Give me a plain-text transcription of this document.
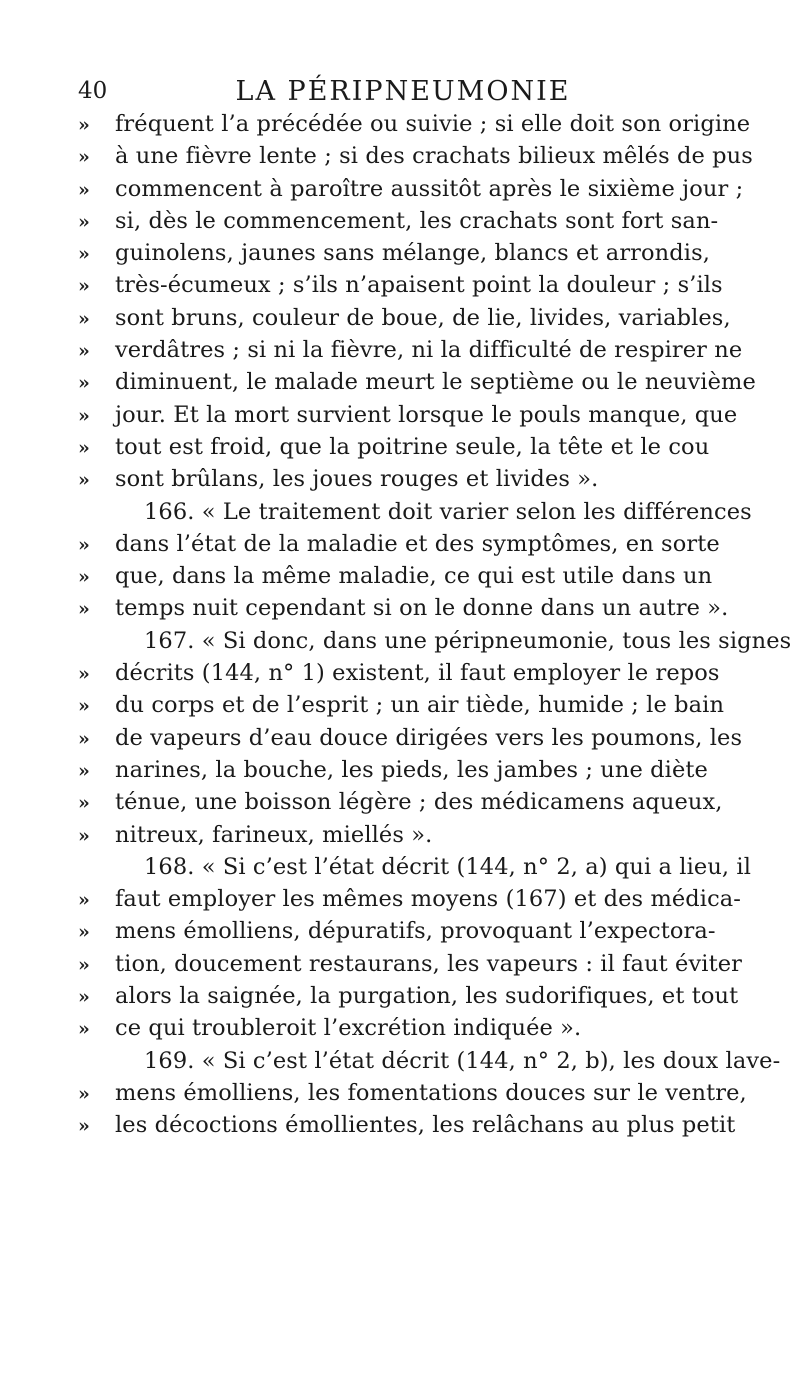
40	LA PÉRIPNEUMONIE
»	fréquent l’a précédée ou suivie ; si elle doit son origine
»	à une fièvre lente ; si des crachats bilieux mêlés de pus
»	commencent à paroître aussitôt après le sixième jour ;
»	si, dès le commencement, les crachats sont fort san-
»	guinolens, jaunes sans mélange, blancs et arrondis,
»	très-écumeux ; s’ils n’apaisent point la douleur ; s’ils
»	sont bruns, couleur de boue, de lie, livides, variables,
»	verdâtres ; si ni la fièvre, ni la difficulté de respirer ne
»	diminuent, le malade meurt le septième ou le neuvième
»	jour. Et la mort survient lorsque le pouls manque, que
»	tout est froid, que la poitrine seule, la tête et le cou
»	sont brûlans, les joues rouges et livides ».
166. « Le traitement doit varier selon les différences
»	dans l’état de la maladie et des symptômes, en sorte
»	que, dans la même maladie, ce qui est utile dans un
»	temps nuit cependant si on le donne dans un autre ».
167. « Si donc, dans une péripneumonie, tous les signes
»	décrits (144, n° 1) existent, il faut employer le repos
»	du corps et de l’esprit ; un air tiède, humide ; le bain
»	de vapeurs d’eau douce dirigées vers les poumons, les
»	narines, la bouche, les pieds, les jambes ; une diète
»	ténue, une boisson légère ; des médicamens aqueux,
»	nitreux, farineux, miellés ».
168. « Si c’est l’état décrit (144, n° 2, a) qui a lieu, il
»	faut employer les mêmes moyens (167) et des médica-
»	mens émolliens, dépuratifs, provoquant l’expectora-
»	tion, doucement restaurans, les vapeurs : il faut éviter
»	alors la saignée, la purgation, les sudorifiques, et tout
»	ce qui troubleroit l’excrétion indiquée ».
169. « Si c’est l’état décrit (144, n° 2, b), les doux lave-
»	mens émolliens, les fomentations douces sur le ventre,
»	les décoctions émollientes, les relâchans au plus petit
